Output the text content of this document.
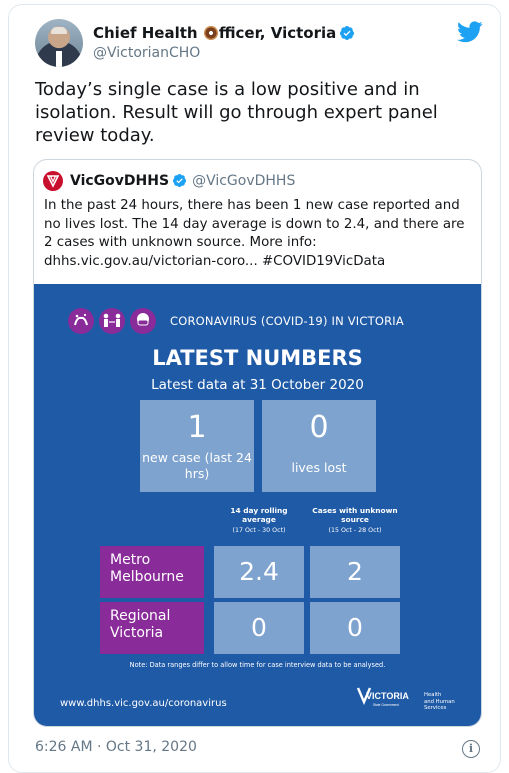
Chief Health fficer, Victoria
@VictorianCHO
Today’s single case is a low positive and in isolation. Result will go through expert panel review today.
VicGovDHHS @VicGovDHHS
In the past 24 hours, there has been 1 new case reported and no lives lost. The 14 day average is down to 2.4, and there are 2 cases with unknown source. More info: dhhs.vic.gov.au/victorian-coro... #COVID19VicData
CORONAVIRUS (COVID-19) IN VICTORIA
LATEST NUMBERS
Latest data at 31 October 2020
1
new case (last 24 hrs)
0
lives lost
14 day rolling average
(17 Oct - 30 Oct)
Cases with unknown source
(15 Oct - 28 Oct)
Metro Melbourne	2.4	2
Regional Victoria	0	0
Note: Data ranges differ to allow time for case interview data to be analysed.
www.dhhs.vic.gov.au/coronavirus
VICTORIA
State Government
Health
and Human
Services
6:26 AM · Oct 31, 2020	i
